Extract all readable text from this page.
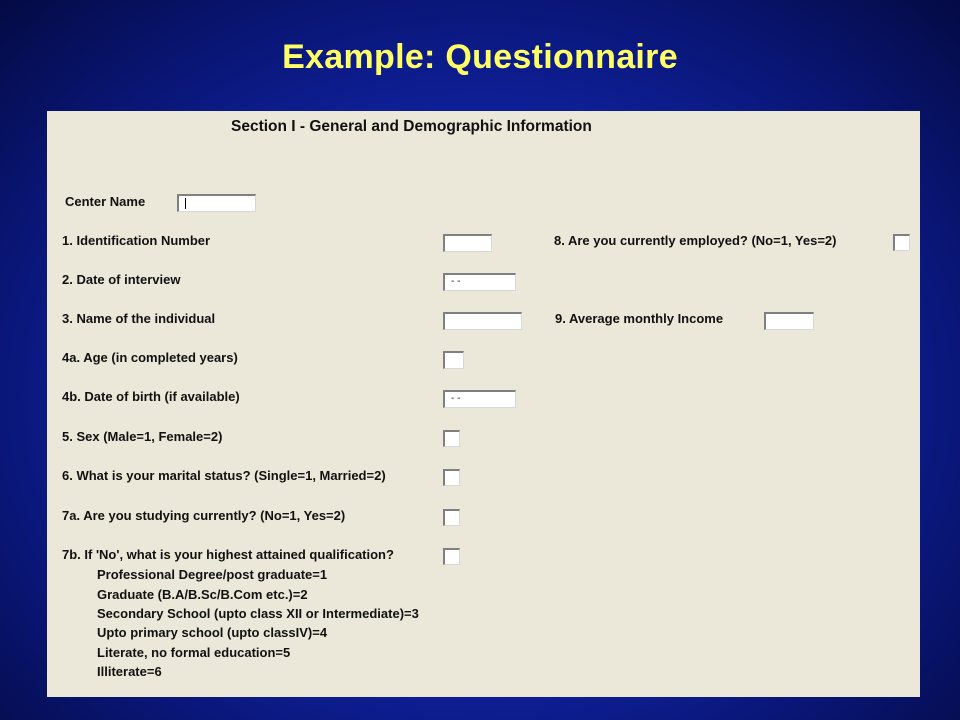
Example: Questionnaire
Section I - General and Demographic Information
Center Name
1. Identification Number	8. Are you currently employed? (No=1, Yes=2)
2. Date of interview	- -
3. Name of the individual	9. Average monthly Income
4a. Age (in completed years)
4b. Date of birth (if available)	- -
5. Sex (Male=1, Female=2)
6. What is your marital status? (Single=1, Married=2)
7a. Are you studying currently? (No=1, Yes=2)
7b. If 'No', what is your highest attained qualification?
Professional Degree/post graduate=1
Graduate (B.A/B.Sc/B.Com etc.)=2
Secondary School (upto class XII or Intermediate)=3
Upto primary school (upto classIV)=4
Literate, no formal education=5
Illiterate=6
